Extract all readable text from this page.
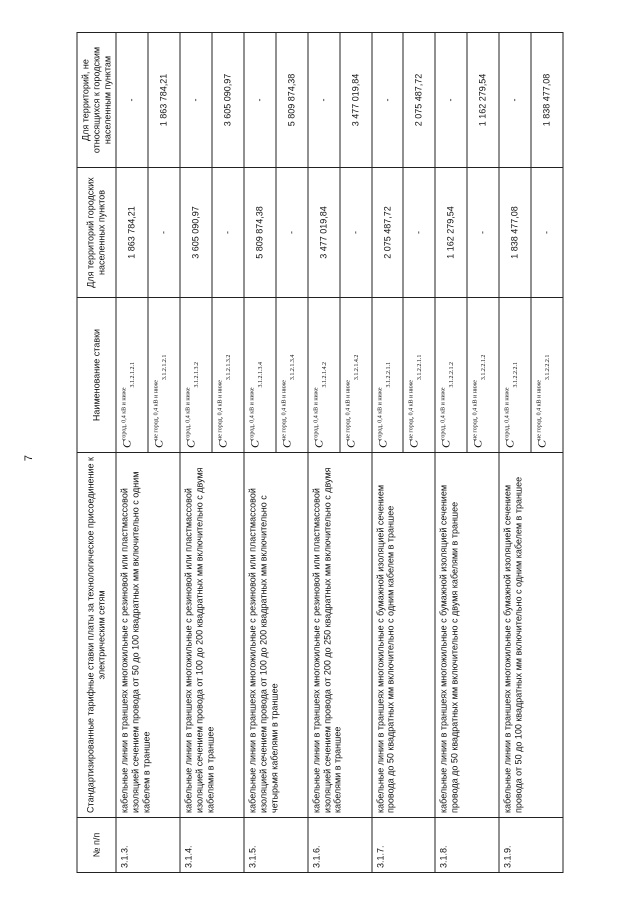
7
№ п/п	Стандартизированные тарифные ставки платы за технологическое присоединение к электрическим сетям	Наименование ставки	Для территорий городских населенных пунктов	Для территорий, не относящихся к городским населенным пунктам
3.1.3.	кабельные линии в траншеях многожильные с резиновой или пластмассовой изоляцией сечением провода от 50 до 100 квадратных мм включительно с одним кабелем в траншее	$C^{город, 0,4 кВ и ниже}_{3.1.2.1.2.1}$	1 863 784,21	-
		$C^{не город, 0,4 кВ и ниже}_{3.1.2.1.2.1}$	-	1 863 784,21
3.1.4.	кабельные линии в траншеях многожильные с резиновой или пластмассовой изоляцией сечением провода от 100 до 200 квадратных мм включительно с двумя кабелями в траншее	$C^{город, 0,4 кВ и ниже}_{3.1.2.1.3.2}$	3 605 090,97	-
		$C^{не город, 0,4 кВ и ниже}_{3.1.2.1.3.2}$	-	3 605 090,97
3.1.5.	кабельные линии в траншеях многожильные с резиновой или пластмассовой изоляцией сечением провода от 100 до 200 квадратных мм включительно с четырьмя кабелями в траншее	$C^{город, 0,4 кВ и ниже}_{3.1.2.1.3.4}$	5 809 874,38	-
		$C^{не город, 0,4 кВ и ниже}_{3.1.2.1.3.4}$	-	5 809 874,38
3.1.6.	кабельные линии в траншеях многожильные с резиновой или пластмассовой изоляцией сечением провода от 200 до 250 квадратных мм включительно с двумя кабелями в траншее	$C^{город, 0,4 кВ и ниже}_{3.1.2.1.4.2}$	3 477 019,84	-
		$C^{не город, 0,4 кВ и ниже}_{3.1.2.1.4.2}$	-	3 477 019,84
3.1.7.	кабельные линии в траншеях многожильные с бумажной изоляцией сечением провода до 50 квадратных мм включительно с одним кабелем в траншее	$C^{город, 0,4 кВ и ниже}_{3.1.2.2.1.1}$	2 075 487,72	-
		$C^{не город, 0,4 кВ и ниже}_{3.1.2.2.1.1}$	-	2 075 487,72
3.1.8.	кабельные линии в траншеях многожильные с бумажной изоляцией сечением провода до 50 квадратных мм включительно с двумя кабелями в траншее	$C^{город, 0,4 кВ и ниже}_{3.1.2.2.1.2}$	1 162 279,54	-
		$C^{не город, 0,4 кВ и ниже}_{3.1.2.2.1.2}$	-	1 162 279,54
3.1.9.	кабельные линии в траншеях многожильные с бумажной изоляцией сечением провода от 50 до 100 квадратных мм включительно с одним кабелем в траншее	$C^{город, 0,4 кВ и ниже}_{3.1.2.2.2.1}$	1 838 477,08	-
		$C^{не город, 0,4 кВ и ниже}_{3.1.2.2.2.1}$	-	1 838 477,08
